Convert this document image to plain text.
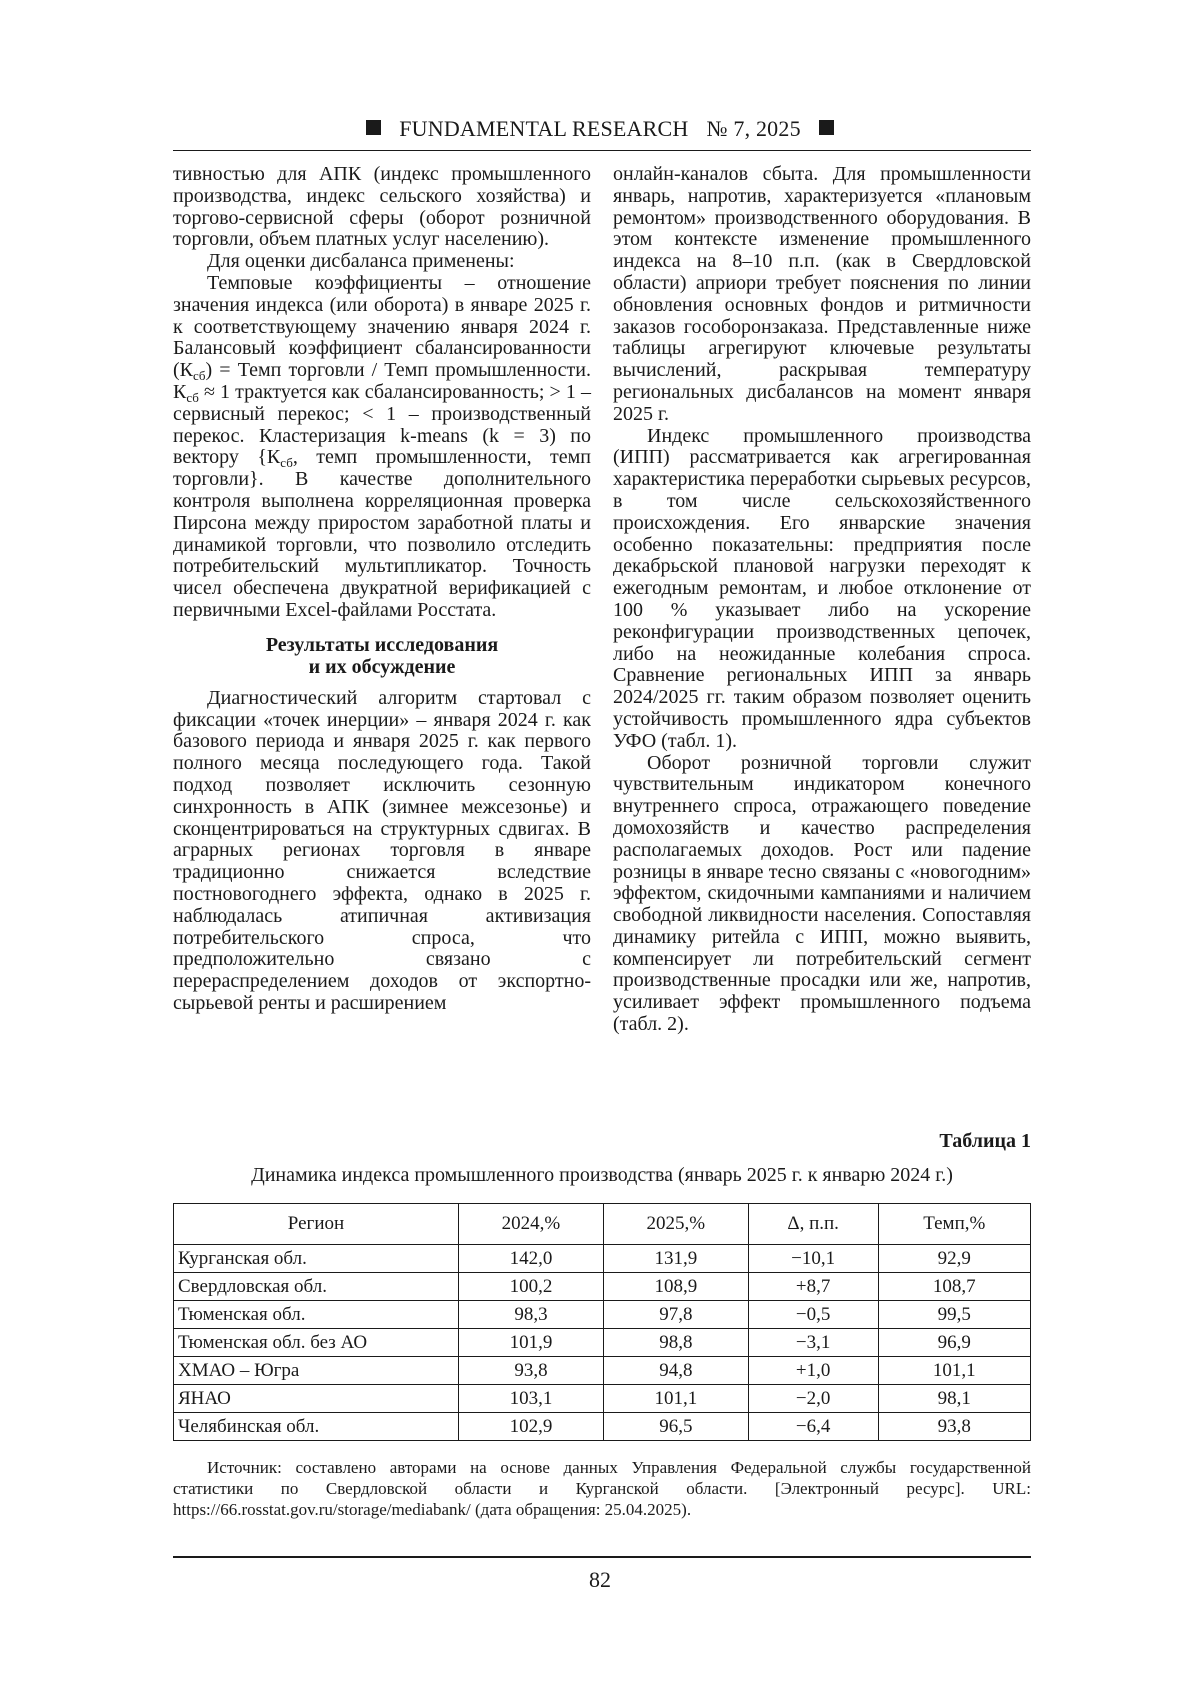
FUNDAMENTAL RESEARCH № 7, 2025

тивностью для АПК (индекс промышленного производства, индекс сельского хозяйства) и торгово-сервисной сферы (оборот розничной торговли, объем платных услуг населению).

Для оценки дисбаланса применены:

Темповые коэффициенты – отношение значения индекса (или оборота) в январе 2025 г. к соответствующему значению января 2024 г. Балансовый коэффициент сбалансированности $(К_{сб})$ = Темп торговли / Темп промышленности. $К_{сб} \approx 1$ трактуется как сбалансированность; > 1 – сервисный перекос; < 1 – производственный перекос. Кластеризация k-means (k = 3) по вектору {$К_{сб}$, темп промышленности, темп торговли}. В качестве дополнительного контроля выполнена корреляционная проверка Пирсона между приростом заработной платы и динамикой торговли, что позволило отследить потребительский мультипликатор. Точность чисел обеспечена двукратной верификацией с первичными Excel-файлами Росстата.

Результаты исследования
и их обсуждение

Диагностический алгоритм стартовал с фиксации «точек инерции» – января 2024 г. как базового периода и января 2025 г. как первого полного месяца последующего года. Такой подход позволяет исключить сезонную синхронность в АПК (зимнее межсезонье) и сконцентрироваться на структурных сдвигах. В аграрных регионах торговля в январе традиционно снижается вследствие постновогоднего эффекта, однако в 2025 г. наблюдалась атипичная активизация потребительского спроса, что предположительно связано с перераспределением доходов от экспортно-сырьевой ренты и расширением

онлайн-каналов сбыта. Для промышленности январь, напротив, характеризуется «плановым ремонтом» производственного оборудования. В этом контексте изменение промышленного индекса на 8–10 п.п. (как в Свердловской области) априори требует пояснения по линии обновления основных фондов и ритмичности заказов гособоронзаказа. Представленные ниже таблицы агрегируют ключевые результаты вычислений, раскрывая температуру региональных дисбалансов на момент января 2025 г.

Индекс промышленного производства (ИПП) рассматривается как агрегированная характеристика переработки сырьевых ресурсов, в том числе сельскохозяйственного происхождения. Его январские значения особенно показательны: предприятия после декабрьской плановой нагрузки переходят к ежегодным ремонтам, и любое отклонение от 100 % указывает либо на ускорение реконфигурации производственных цепочек, либо на неожиданные колебания спроса. Сравнение региональных ИПП за январь 2024/2025 гг. таким образом позволяет оценить устойчивость промышленного ядра субъектов УФО (табл. 1).

Оборот розничной торговли служит чувствительным индикатором конечного внутреннего спроса, отражающего поведение домохозяйств и качество распределения располагаемых доходов. Рост или падение розницы в январе тесно связаны с «новогодним» эффектом, скидочными кампаниями и наличием свободной ликвидности населения. Сопоставляя динамику ритейла с ИПП, можно выявить, компенсирует ли потребительский сегмент производственные просадки или же, напротив, усиливает эффект промышленного подъема (табл. 2).

Таблица 1
Динамика индекса промышленного производства (январь 2025 г. к январю 2024 г.)
Регион	2024,%	2025,%	Δ, п.п.	Темп,%
Курганская обл.	142,0	131,9	−10,1	92,9
Свердловская обл.	100,2	108,9	+8,7	108,7
Тюменская обл.	98,3	97,8	−0,5	99,5
Тюменская обл. без АО	101,9	98,8	−3,1	96,9
ХМАО – Югра	93,8	94,8	+1,0	101,1
ЯНАО	103,1	101,1	−2,0	98,1
Челябинская обл.	102,9	96,5	−6,4	93,8
Источник: составлено авторами на основе данных Управления Федеральной службы государственной статистики по Свердловской области и Курганской области. [Электронный ресурс]. URL: https://66.rosstat.gov.ru/storage/mediabank/ (дата обращения: 25.04.2025).
82
